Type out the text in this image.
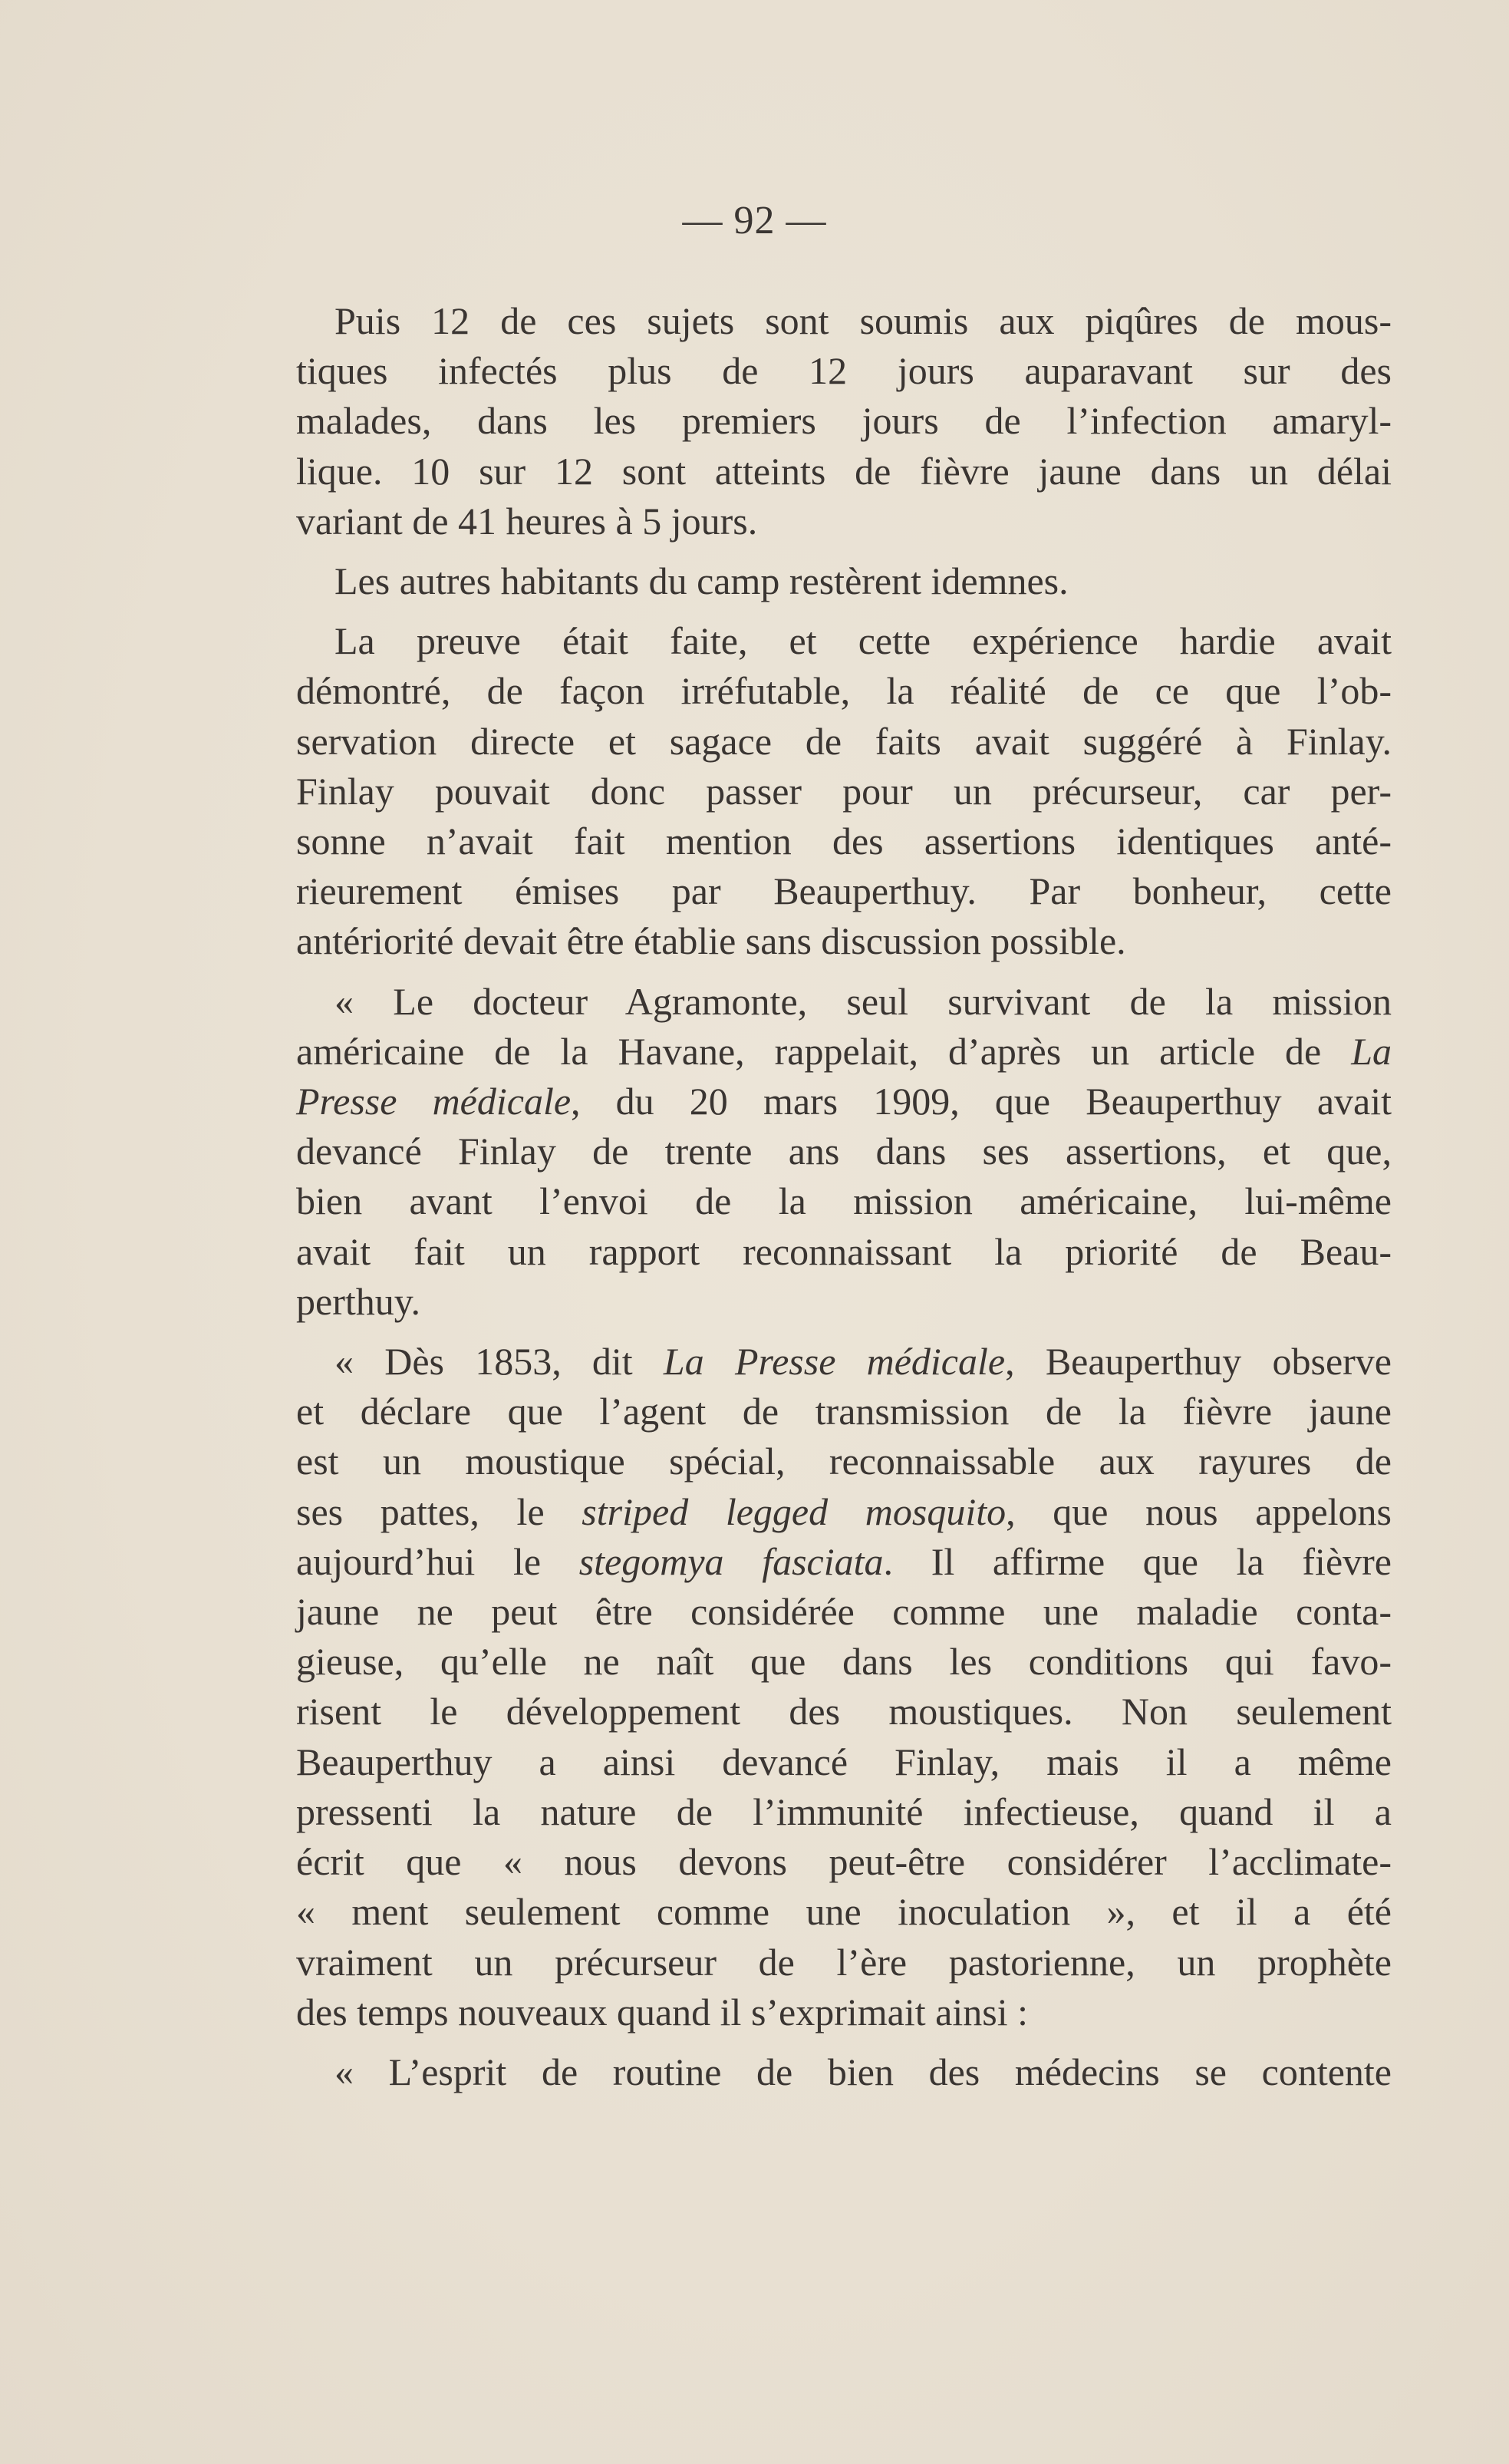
— 92 —
Puis 12 de ces sujets sont soumis aux piqûres de mous-
tiques infectés plus de 12 jours auparavant sur des
malades, dans les premiers jours de l’infection amaryl-
lique. 10 sur 12 sont atteints de fièvre jaune dans un délai
variant de 41 heures à 5 jours.
Les autres habitants du camp restèrent idemnes.
La preuve était faite, et cette expérience hardie avait
démontré, de façon irréfutable, la réalité de ce que l’ob-
servation directe et sagace de faits avait suggéré à Finlay.
Finlay pouvait donc passer pour un précurseur, car per-
sonne n’avait fait mention des assertions identiques anté-
rieurement émises par Beauperthuy. Par bonheur, cette
antériorité devait être établie sans discussion possible.
« Le docteur Agramonte, seul survivant de la mission
américaine de la Havane, rappelait, d’après un article de La
Presse médicale, du 20 mars 1909, que Beauperthuy avait
devancé Finlay de trente ans dans ses assertions, et que,
bien avant l’envoi de la mission américaine, lui-même
avait fait un rapport reconnaissant la priorité de Beau-
perthuy.
« Dès 1853, dit La Presse médicale, Beauperthuy observe
et déclare que l’agent de transmission de la fièvre jaune
est un moustique spécial, reconnaissable aux rayures de
ses pattes, le striped legged mosquito, que nous appelons
aujourd’hui le stegomya fasciata. Il affirme que la fièvre
jaune ne peut être considérée comme une maladie conta-
gieuse, qu’elle ne naît que dans les conditions qui favo-
risent le développement des moustiques. Non seulement
Beauperthuy a ainsi devancé Finlay, mais il a même
pressenti la nature de l’immunité infectieuse, quand il a
écrit que « nous devons peut-être considérer l’acclimate-
« ment seulement comme une inoculation », et il a été
vraiment un précurseur de l’ère pastorienne, un prophète
des temps nouveaux quand il s’exprimait ainsi :
« L’esprit de routine de bien des médecins se contente
